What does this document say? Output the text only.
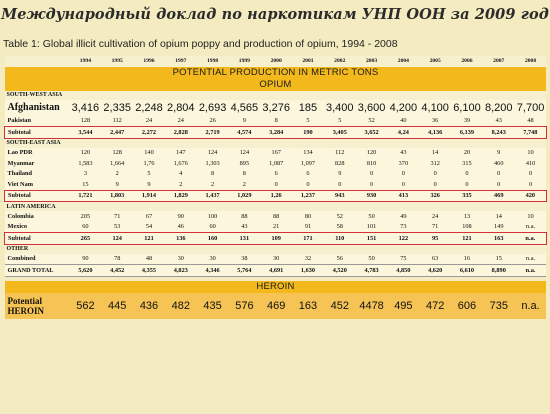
Международный доклад по наркотикам УНП ООН за 2009 год
Table 1: Global illicit cultivation of opium poppy and production of opium, 1994 - 2008
	1994	1995	1996	1997	1998	1999	2000	2001	2002	2003	2004	2005	2006	2007	2008
POTENTIAL PRODUCTION IN METRIC TONS															
OPIUM															
SOUTH-WEST ASIA															
Afghanistan	3,416	2,335	2,248	2,804	2,693	4,565	3,276	185	3,400	3,600	4,200	4,100	6,100	8,200	7,700
Pakistan	128	112	24	24	26	9	8	5	5	52	40	36	39	43	48
Subtotal	3,544	2,447	2,272	2,828	2,719	4,574	3,284	190	3,405	3,652	4,24	4,136	6,139	8,243	7,748
SOUTH-EAST ASIA															
Lao PDR	120	128	140	147	124	124	167	134	112	120	43	14	20	9	10
Myanmar	1,583	1,664	1,76	1,676	1,303	895	1,087	1,097	828	810	370	312	315	460	410
Thailand	3	2	5	4	8	8	6	6	9	0	0	0	0	0	0
Viet Nam	15	9	9	2	2	2	0	0	0	0	0	0	0	0	0
Subtotal	1,721	1,803	1,914	1,829	1,437	1,029	1,26	1,237	943	930	413	326	335	469	420
LATIN AMERICA															
Colombia	205	71	67	90	100	88	88	80	52	50	49	24	13	14	10
Mexico	60	53	54	46	60	43	21	91	58	101	73	71	108	149	n.a.
Subtotal	265	124	121	136	160	131	109	171	110	151	122	95	121	163	n.a.
OTHER															
Combined	90	78	48	30	30	38	30	32	56	50	75	63	16	15	n.a.
GRAND TOTAL	5,620	4,452	4,355	4,823	4,346	5,764	4,691	1,630	4,520	4,783	4,850	4,620	6,610	8,890	n.a.

HEROIN															

Potential
HEROIN	562	445	436	482	435	576	469	163	452	4478	495	472	606	735	n.a.
